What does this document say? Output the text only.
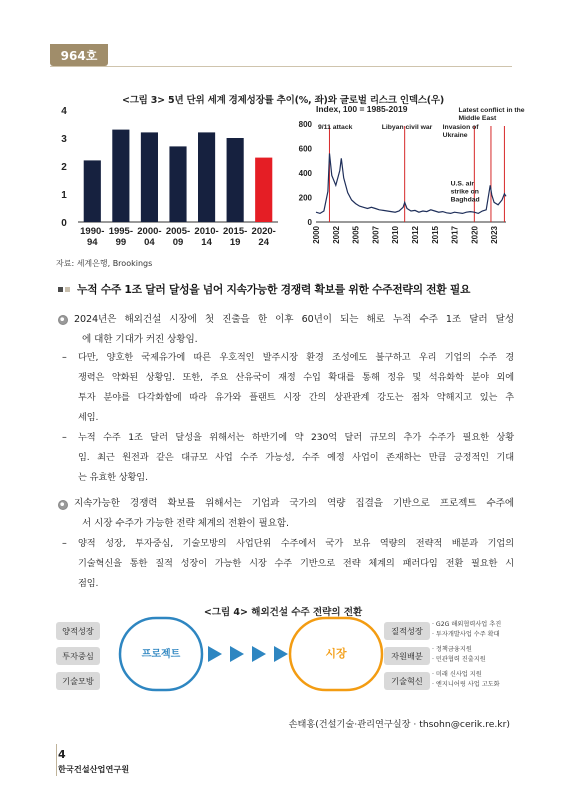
964호
<그림 3> 5년 단위 세계 경제성장률 추이(%, 좌)와 글로벌 리스크 인덱스(우)
0
1
2
3
4
1990-
94
1995-
99
2000-
04
2005-
09
2010-
14
2015-
19
2020-
24
Index, 100 = 1985-2019
0
200
400
600
800
2000 2002 2005 2007 2010 2012 2015 2017 2020 2023
9/11 attack	Libyan civil war Invasion of
Ukraine
Latest conflict in the
Middle East
U.S. air
strike on
Baghdad
자료: 세계은행, Brookings
누적 수주 1조 달러 달성을 넘어 지속가능한 경쟁력 확보를 위한 수주전략의 전환 필요
2024년은 해외건설 시장에 첫 진출을 한 이후 60년이 되는 해로 누적 수주 1조 달러 달성
에 대한 기대가 커진 상황임.
– 다만, 양호한 국제유가에 따른 우호적인 발주시장 환경 조성에도 불구하고 우리 기업의 수주 경
쟁력은 약화된 상황임. 또한, 주요 산유국이 재정 수입 확대를 통해 정유 및 석유화학 분야 외에
투자 분야를 다각화함에 따라 유가와 플랜트 시장 간의 상관관계 강도는 점차 약해지고 있는 추
세임.
– 누적 수주 1조 달러 달성을 위해서는 하반기에 약 230억 달러 규모의 추가 수주가 필요한 상황
임. 최근 원전과 같은 대규모 사업 수주 가능성, 수주 예정 사업이 존재하는 만큼 긍정적인 기대
는 유효한 상황임.
지속가능한 경쟁력 확보를 위해서는 기업과 국가의 역량 집결을 기반으로 프로젝트 수주에
서 시장 수주가 가능한 전략 체계의 전환이 필요함.
– 양적 성장, 투자중심, 기술모방의 사업단위 수주에서 국가 보유 역량의 전략적 배분과 기업의
기술혁신을 통한 질적 성장이 가능한 시장 수주 기반으로 전략 체계의 패러다임 전환 필요한 시
점임.
<그림 4> 해외건설 수주 전략의 전환
양적성장
투자중심
기술모방
프로젝트	시장
질적성장
자원배분
기술혁신
· G2G 해외협력사업 추진
· 투자개발사업 수주 확대
· 정책금융지원
· 민관협력 진출지원
· 미래 신사업 지원
· 엔지니어링 사업 고도화
손태홍(건설기술·관리연구실장 · thsohn@cerik.re.kr)
4
한국건설산업연구원
